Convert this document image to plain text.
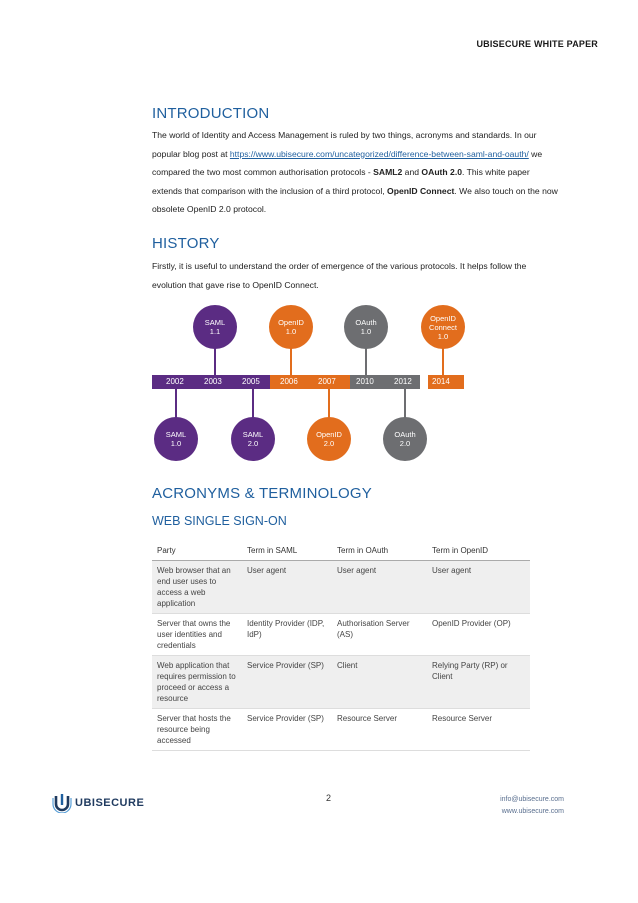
UBISECURE WHITE PAPER
INTRODUCTION
The world of Identity and Access Management is ruled by two things, acronyms and standards. In our popular blog post at https://www.ubisecure.com/uncategorized/difference-between-saml-and-oauth/ we compared the two most common authorisation protocols - SAML2 and OAuth 2.0. This white paper extends that comparison with the inclusion of a third protocol, OpenID Connect. We also touch on the now obsolete OpenID 2.0 protocol.
HISTORY
Firstly, it is useful to understand the order of emergence of the various protocols. It helps follow the evolution that gave rise to OpenID Connect.
2002	2003	2005	2006	2007	2010	2012	2014
SAML
1.1
OpenID
1.0
OAuth
1.0
OpenID Connect
1.0
SAML
1.0
SAML
2.0
OpenID
2.0
OAuth
2.0
ACRONYMS & TERMINOLOGY
WEB SINGLE SIGN-ON
Party	Term in SAML	Term in OAuth	Term in OpenID
Web browser that an end user uses to access a web application	User agent	User agent	User agent
Server that owns the user identities and credentials	Identity Provider (IDP, IdP)	Authorisation Server (AS)	OpenID Provider (OP)
Web application that requires permission to proceed or access a resource	Service Provider (SP)	Client	Relying Party (RP) or Client
Server that hosts the resource being accessed	Service Provider (SP)	Resource Server	Resource Server
UBISECURE	2	info@ubisecure.com
www.ubisecure.com
